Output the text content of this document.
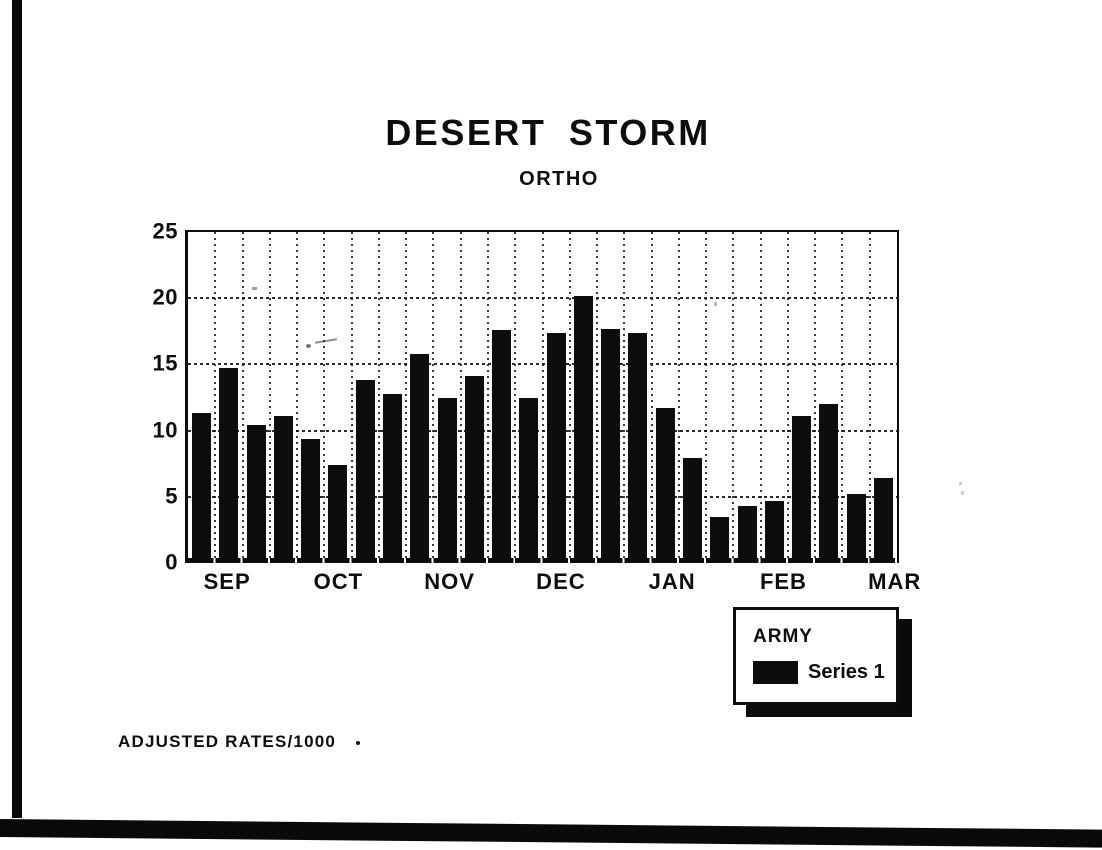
DESERT STORM
ORTHO
0
5
10
15
20
25
SEP	OCT	NOV	DEC	JAN	FEB	MAR
ARMY
Series 1
ADJUSTED RATES/1000
